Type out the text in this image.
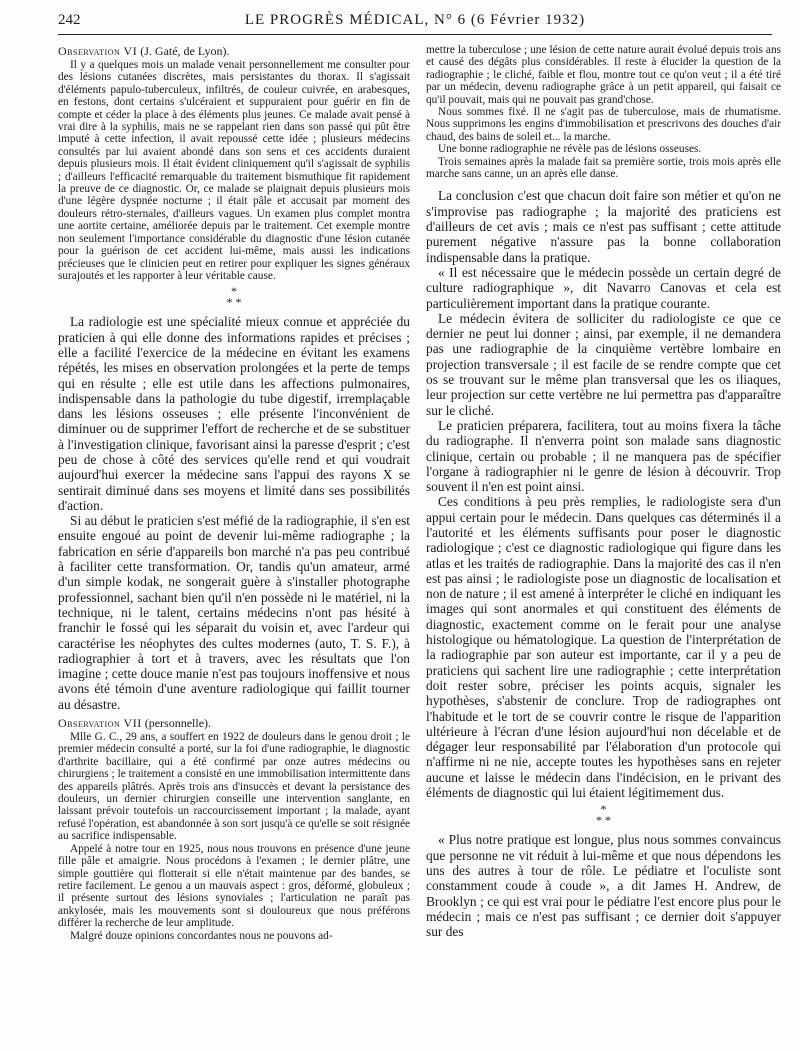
242	LE PROGRÈS MÉDICAL, N° 6 (6 Février 1932)

Observation VI (J. Gaté, de Lyon).

Il y a quelques mois un malade venait personnellement me consulter pour des lésions cutanées discrètes, mais persistantes du thorax. Il s'agissait d'éléments papulo-tuberculeux, infiltrés, de couleur cuivrée, en arabesques, en festons, dont certains s'ulcéraient et suppuraient pour guérir en fin de compte et céder la place à des éléments plus jeunes. Ce malade avait pensé à vrai dire à la syphilis, mais ne se rappelant rien dans son passé qui pût être imputé à cette infection, il avait repoussé cette idée ; plusieurs médecins consultés par lui avaient abondé dans son sens et ces accidents duraient depuis plusieurs mois. Il était évident cliniquement qu'il s'agissait de syphilis ; d'ailleurs l'efficacité remarquable du traitement bismuthique fit rapidement la preuve de ce diagnostic. Or, ce malade se plaignait depuis plusieurs mois d'une légère dyspnée nocturne ; il était pâle et accusait par moment des douleurs rétro-sternales, d'ailleurs vagues. Un examen plus complet montra une aortite certaine, améliorée depuis par le traitement. Cet exemple montre non seulement l'importance considérable du diagnostic d'une lésion cutanée pour la guérison de cet accident lui-même, mais aussi les indications précieuses que le clinicien peut en retirer pour expliquer les signes généraux surajoutés et les rapporter à leur véritable cause.

*
* *

La radiologie est une spécialité mieux connue et appréciée du praticien à qui elle donne des informations rapides et précises ; elle a facilité l'exercice de la médecine en évitant les examens répétés, les mises en observation prolongées et la perte de temps qui en résulte ; elle est utile dans les affections pulmonaires, indispensable dans la pathologie du tube digestif, irremplaçable dans les lésions osseuses ; elle présente l'inconvénient de diminuer ou de supprimer l'effort de recherche et de se substituer à l'investigation clinique, favorisant ainsi la paresse d'esprit ; c'est peu de chose à côté des services qu'elle rend et qui voudrait aujourd'hui exercer la médecine sans l'appui des rayons X se sentirait diminué dans ses moyens et limité dans ses possibilités d'action.

Si au début le praticien s'est méfié de la radiographie, il s'en est ensuite engoué au point de devenir lui-même radiographe ; la fabrication en série d'appareils bon marché n'a pas peu contribué à faciliter cette transformation. Or, tandis qu'un amateur, armé d'un simple kodak, ne songerait guère à s'installer photographe professionnel, sachant bien qu'il n'en possède ni le matériel, ni la technique, ni le talent, certains médecins n'ont pas hésité à franchir le fossé qui les séparait du voisin et, avec l'ardeur qui caractérise les néophytes des cultes modernes (auto, T. S. F.), à radiographier à tort et à travers, avec les résultats que l'on imagine ; cette douce manie n'est pas toujours inoffensive et nous avons été témoin d'une aventure radiologique qui faillit tourner au désastre.

Observation VII (personnelle).

Mlle G. C., 29 ans, a souffert en 1922 de douleurs dans le genou droit ; le premier médecin consulté a porté, sur la foi d'une radiographie, le diagnostic d'arthrite bacillaire, qui a été confirmé par onze autres médecins ou chirurgiens ; le traitement a consisté en une immobilisation intermittente dans des appareils plâtrés. Après trois ans d'insuccès et devant la persistance des douleurs, un dernier chirurgien conseille une intervention sanglante, en laissant prévoir toutefois un raccourcissement important ; la malade, ayant refusé l'opération, est abandonnée à son sort jusqu'à ce qu'elle se soit résignée au sacrifice indispensable.

Appelé à notre tour en 1925, nous nous trouvons en présence d'une jeune fille pâle et amaigrie. Nous procédons à l'examen ; le dernier plâtre, une simple gouttière qui flotterait si elle n'était maintenue par des bandes, se retire facilement. Le genou a un mauvais aspect : gros, déformé, globuleux ; il présente surtout des lésions synoviales ; l'articulation ne paraît pas ankylosée, mais les mouvements sont si douloureux que nous préférons différer la recherche de leur amplitude.

Malgré douze opinions concordantes nous ne pouvons ad-

mettre la tuberculose ; une lésion de cette nature aurait évolué depuis trois ans et causé des dégâts plus considérables. Il reste à élucider la question de la radiographie ; le cliché, faible et flou, montre tout ce qu'on veut ; il a été tiré par un médecin, devenu radiographe grâce à un petit appareil, qui faisait ce qu'il pouvait, mais qui ne pouvait pas grand'chose.

Nous sommes fixé. Il ne s'agit pas de tuberculose, mais de rhumatisme. Nous supprimons les engins d'immobilisation et prescrivons des douches d'air chaud, des bains de soleil et... la marche.

Une bonne radiographie ne révèle pas de lésions osseuses.

Trois semaines après la malade fait sa première sortie, trois mois après elle marche sans canne, un an après elle danse.

La conclusion c'est que chacun doit faire son métier et qu'on ne s'improvise pas radiographe ; la majorité des praticiens est d'ailleurs de cet avis ; mais ce n'est pas suffisant ; cette attitude purement négative n'assure pas la bonne collaboration indispensable dans la pratique.

« Il est nécessaire que le médecin possède un certain degré de culture radiographique », dit Navarro Canovas et cela est particulièrement important dans la pratique courante.

Le médecin évitera de solliciter du radiologiste ce que ce dernier ne peut lui donner ; ainsi, par exemple, il ne demandera pas une radiographie de la cinquième vertèbre lombaire en projection transversale ; il est facile de se rendre compte que cet os se trouvant sur le même plan transversal que les os iliaques, leur projection sur cette vertèbre ne lui permettra pas d'apparaître sur le cliché.

Le praticien préparera, facilitera, tout au moins fixera la tâche du radiographe. Il n'enverra point son malade sans diagnostic clinique, certain ou probable ; il ne manquera pas de spécifier l'organe à radiographier ni le genre de lésion à découvrir. Trop souvent il n'en est point ainsi.

Ces conditions à peu près remplies, le radiologiste sera d'un appui certain pour le médecin. Dans quelques cas déterminés il a l'autorité et les éléments suffisants pour poser le diagnostic radiologique ; c'est ce diagnostic radiologique qui figure dans les atlas et les traités de radiographie. Dans la majorité des cas il n'en est pas ainsi ; le radiologiste pose un diagnostic de localisation et non de nature ; il est amené à interpréter le cliché en indiquant les images qui sont anormales et qui constituent des éléments de diagnostic, exactement comme on le ferait pour une analyse histologique ou hématologique. La question de l'interprétation de la radiographie par son auteur est importante, car il y a peu de praticiens qui sachent lire une radiographie ; cette interprétation doit rester sobre, préciser les points acquis, signaler les hypothèses, s'abstenir de conclure. Trop de radiographes ont l'habitude et le tort de se couvrir contre le risque de l'apparition ultérieure à l'écran d'une lésion aujourd'hui non décelable et de dégager leur responsabilité par l'élaboration d'un protocole qui n'affirme ni ne nie, accepte toutes les hypothèses sans en rejeter aucune et laisse le médecin dans l'indécision, en le privant des éléments de diagnostic qui lui étaient légitimement dus.

*
* *

« Plus notre pratique est longue, plus nous sommes convaincus que personne ne vit réduit à lui-même et que nous dépendons les uns des autres à tour de rôle. Le pédiatre et l'oculiste sont constamment coude à coude », a dit James H. Andrew, de Brooklyn ; ce qui est vrai pour le pédiatre l'est encore plus pour le médecin ; mais ce n'est pas suffisant ; ce dernier doit s'appuyer sur des
